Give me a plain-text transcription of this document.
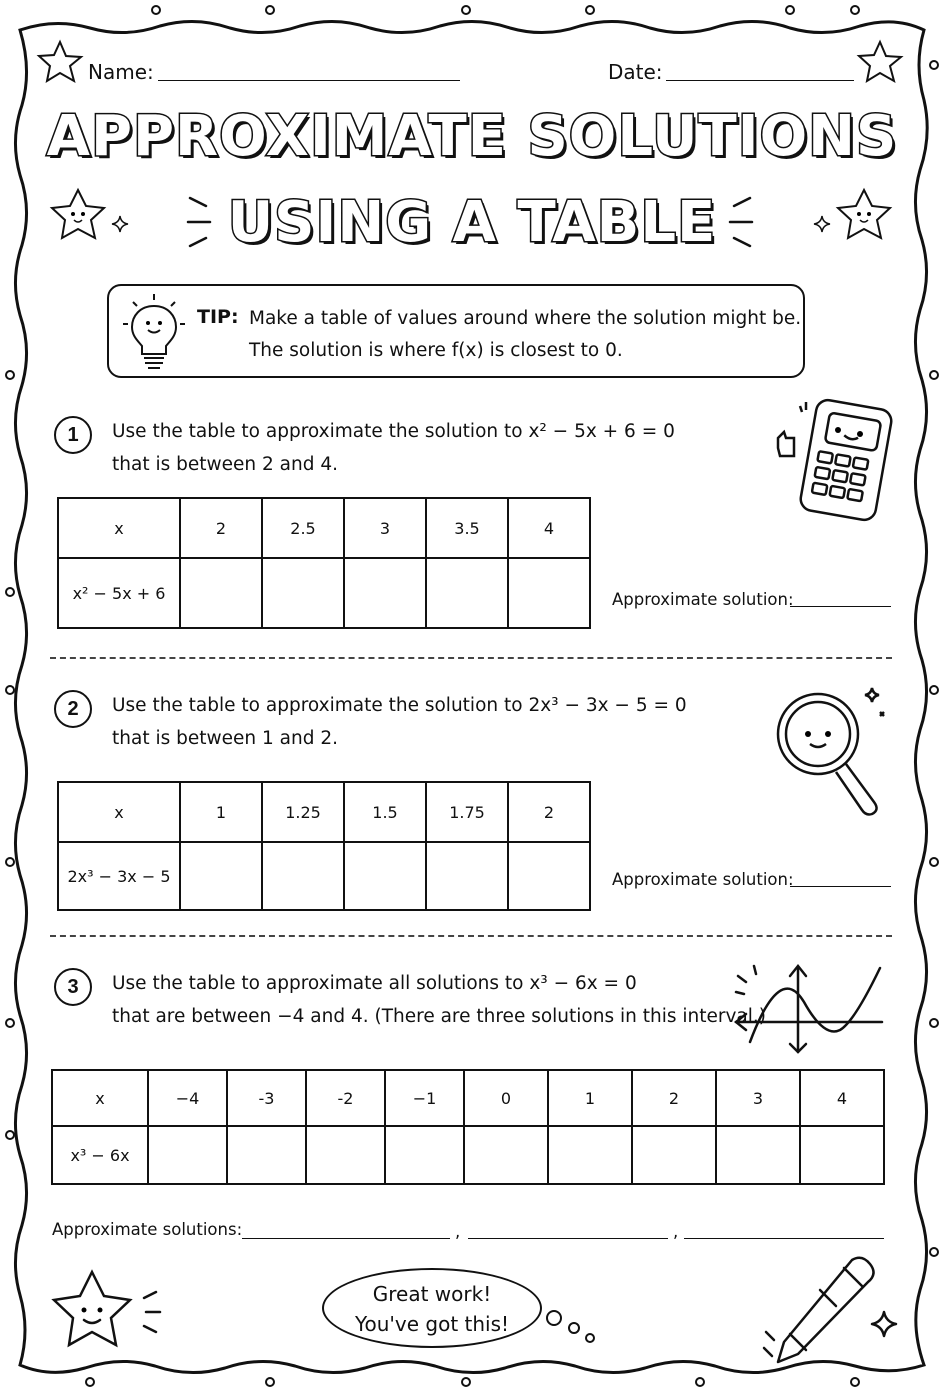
Name:	Date:
APPROXIMATE SOLUTIONS
USING A TABLE
TIP: Make a table of values around where the solution might be.
The solution is where f(x) is closest to 0.
1	Use the table to approximate the solution to x² − 5x + 6 = 0
that is between 2 and 4.
x	2	2.5	3	3.5	4
x² − 5x + 6						Approximate solution:
2	Use the table to approximate the solution to 2x³ − 3x − 5 = 0
that is between 1 and 2.
x	1	1.25	1.5	1.75	2
2x³ − 3x − 5						Approximate solution:
3	Use the table to approximate all solutions to x³ − 6x = 0
that are between −4 and 4. (There are three solutions in this interval.)
x	−4	-3	-2	−1	0	1	2	3	4
x³ − 6x									
Approximate solutions:	,	,
Great work!
You've got this!
